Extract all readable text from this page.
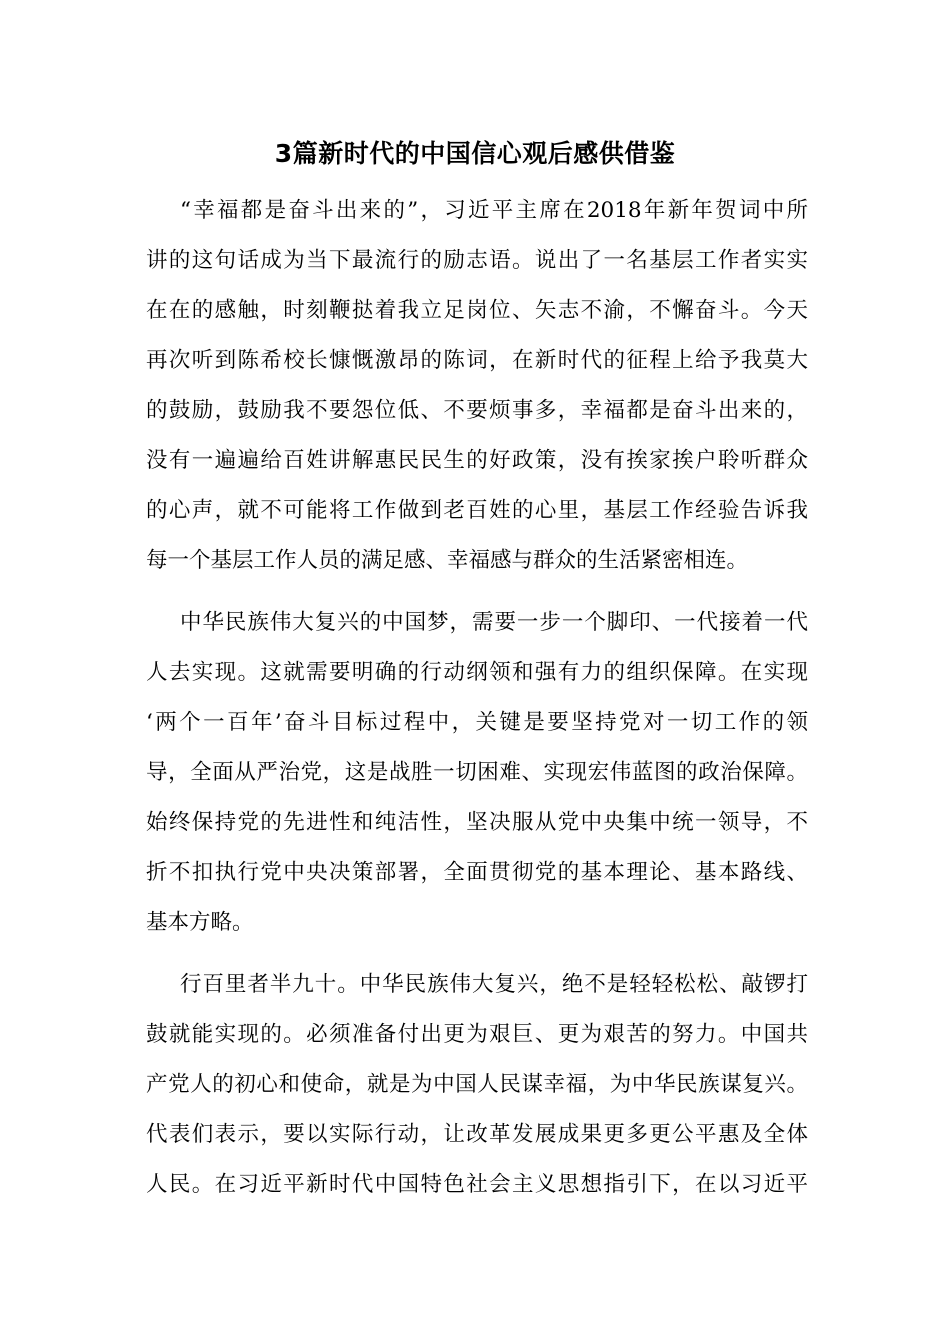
3篇新时代的中国信心观后感供借鉴
“幸福都是奋斗出来的”，习近平主席在2018年新年贺词中所
讲的这句话成为当下最流行的励志语。说出了一名基层工作者实实
在在的感触，时刻鞭挞着我立足岗位、矢志不渝，不懈奋斗。今天
再次听到陈希校长慷慨激昂的陈词，在新时代的征程上给予我莫大
的鼓励，鼓励我不要怨位低、不要烦事多，幸福都是奋斗出来的，
没有一遍遍给百姓讲解惠民民生的好政策，没有挨家挨户聆听群众
的心声，就不可能将工作做到老百姓的心里，基层工作经验告诉我
每一个基层工作人员的满足感、幸福感与群众的生活紧密相连。
中华民族伟大复兴的中国梦，需要一步一个脚印、一代接着一代
人去实现。这就需要明确的行动纲领和强有力的组织保障。在实现
‘两个一百年’奋斗目标过程中，关键是要坚持党对一切工作的领
导，全面从严治党，这是战胜一切困难、实现宏伟蓝图的政治保障。
始终保持党的先进性和纯洁性，坚决服从党中央集中统一领导，不
折不扣执行党中央决策部署，全面贯彻党的基本理论、基本路线、
基本方略。
行百里者半九十。中华民族伟大复兴，绝不是轻轻松松、敲锣打
鼓就能实现的。必须准备付出更为艰巨、更为艰苦的努力。中国共
产党人的初心和使命，就是为中国人民谋幸福，为中华民族谋复兴。
代表们表示，要以实际行动，让改革发展成果更多更公平惠及全体
人民。在习近平新时代中国特色社会主义思想指引下，在以习近平
